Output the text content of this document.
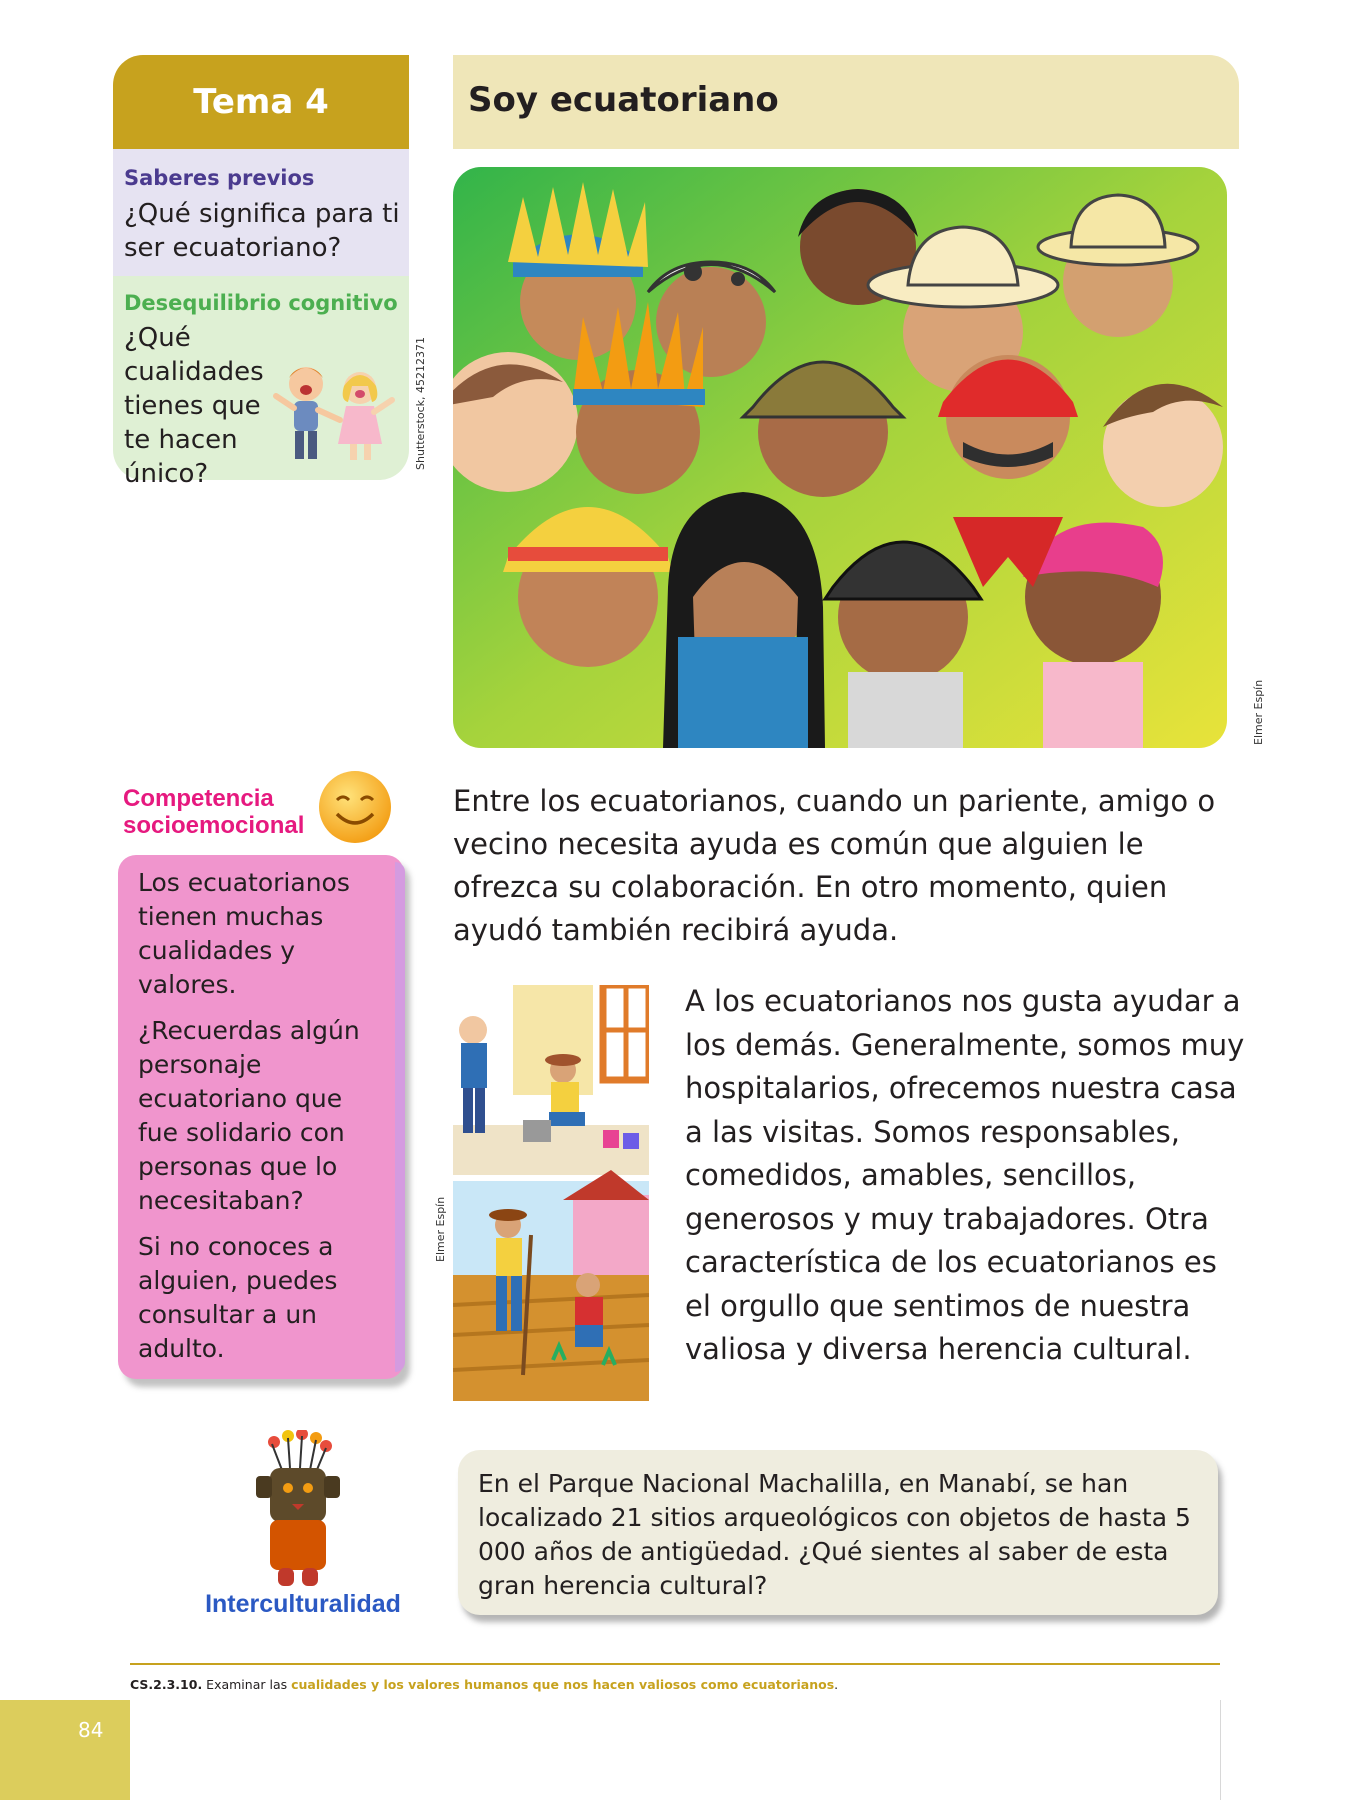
Tema 4	Soy ecuatoriano
Saberes previos
¿Qué significa para ti ser ecuatoriano?
Desequilibrio cognitivo
¿Qué cualidades tienes que te hacen único?
Shutterstock, 45212371
Elmer Espín
Competencia
socioemocional
Los ecuatorianos tienen muchas cualidades y valores.
¿Recuerdas algún personaje ecuatoriano que fue solidario con personas que lo necesitaban?
Si no conoces a alguien, puedes consultar a un adulto.
Entre los ecuatorianos, cuando un pariente, amigo o vecino necesita ayuda es común que alguien le ofrezca su colaboración. En otro momento, quien ayudó también recibirá ayuda.
Elmer Espín
A los ecuatorianos nos gusta ayudar a los demás. Generalmente, somos muy hospitalarios, ofrecemos nuestra casa a las visitas. Somos responsables, comedidos, amables, sencillos, generosos y muy trabajadores. Otra característica de los ecuatorianos es el orgullo que sentimos de nuestra valiosa y diversa herencia cultural.
Interculturalidad
En el Parque Nacional Machalilla, en Manabí, se han localizado 21 sitios arqueológicos con objetos de hasta 5 000 años de antigüedad. ¿Qué sientes al saber de esta gran herencia cultural?
CS.2.3.10. Examinar las cualidades y los valores humanos que nos hacen valiosos como ecuatorianos.
84
